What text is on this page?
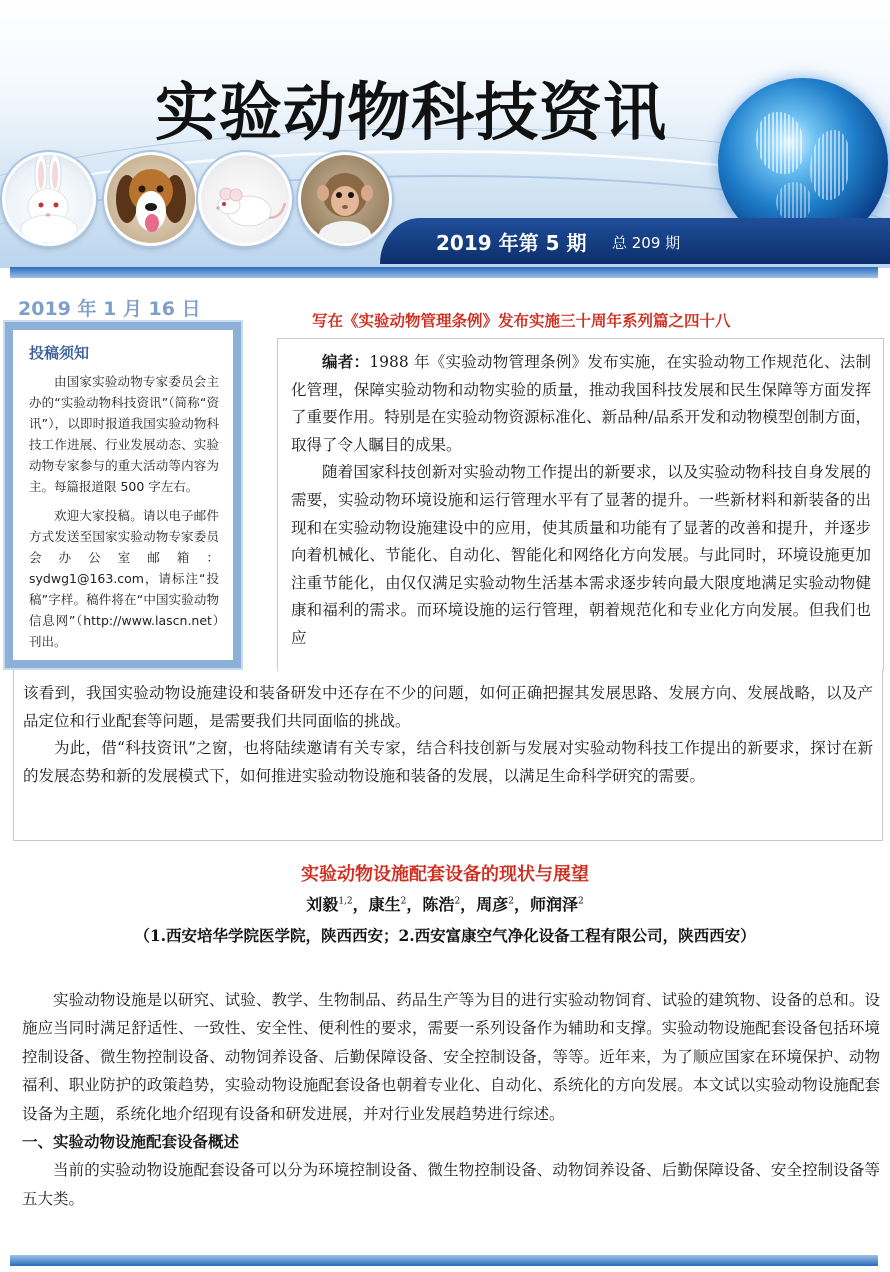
实验动物科技资讯
2019 年第 5 期 总 209 期
2019 年 1 月 16 日
投稿须知

由国家实验动物专家委员会主办的“实验动物科技资讯”（简称“资讯”），以即时报道我国实验动物科技工作进展、行业发展动态、实验动物专家参与的重大活动等内容为主。每篇报道限 500 字左右。

欢迎大家投稿。请以电子邮件方式发送至国家实验动物专家委员会办公室邮箱：sydwg1@163.com，请标注“投稿”字样。稿件将在“中国实验动物信息网”（http://www.lascn.net）刊出。

写在《实验动物管理条例》发布实施三十周年系列篇之四十八

编者：1988 年《实验动物管理条例》发布实施，在实验动物工作规范化、法制化管理，保障实验动物和动物实验的质量，推动我国科技发展和民生保障等方面发挥了重要作用。特别是在实验动物资源标准化、新品种/品系开发和动物模型创制方面，取得了令人瞩目的成果。

随着国家科技创新对实验动物工作提出的新要求，以及实验动物科技自身发展的需要，实验动物环境设施和运行管理水平有了显著的提升。一些新材料和新装备的出现和在实验动物设施建设中的应用，使其质量和功能有了显著的改善和提升，并逐步向着机械化、节能化、自动化、智能化和网络化方向发展。与此同时，环境设施更加注重节能化，由仅仅满足实验动物生活基本需求逐步转向最大限度地满足实验动物健康和福利的需求。而环境设施的运行管理，朝着规范化和专业化方向发展。但我们也应

该看到，我国实验动物设施建设和装备研发中还存在不少的问题，如何正确把握其发展思路、发展方向、发展战略，以及产品定位和行业配套等问题，是需要我们共同面临的挑战。

为此，借“科技资讯”之窗，也将陆续邀请有关专家，结合科技创新与发展对实验动物科技工作提出的新要求，探讨在新的发展态势和新的发展模式下，如何推进实验动物设施和装备的发展，以满足生命科学研究的需要。

实验动物设施配套设备的现状与展望
刘毅$^{1,2}$，康生$^2$，陈浩$^2$，周彦$^2$，师润泽$^2$
（1.西安培华学院医学院，陕西西安；2.西安富康空气净化设备工程有限公司，陕西西安）

实验动物设施是以研究、试验、教学、生物制品、药品生产等为目的进行实验动物饲育、试验的建筑物、设备的总和。设施应当同时满足舒适性、一致性、安全性、便利性的要求，需要一系列设备作为辅助和支撑。实验动物设施配套设备包括环境控制设备、微生物控制设备、动物饲养设备、后勤保障设备、安全控制设备，等等。近年来，为了顺应国家在环境保护、动物福利、职业防护的政策趋势，实验动物设施配套设备也朝着专业化、自动化、系统化的方向发展。本文试以实验动物设施配套设备为主题，系统化地介绍现有设备和研发进展，并对行业发展趋势进行综述。

一、实验动物设施配套设备概述

当前的实验动物设施配套设备可以分为环境控制设备、微生物控制设备、动物饲养设备、后勤保障设备、安全控制设备等五大类。
